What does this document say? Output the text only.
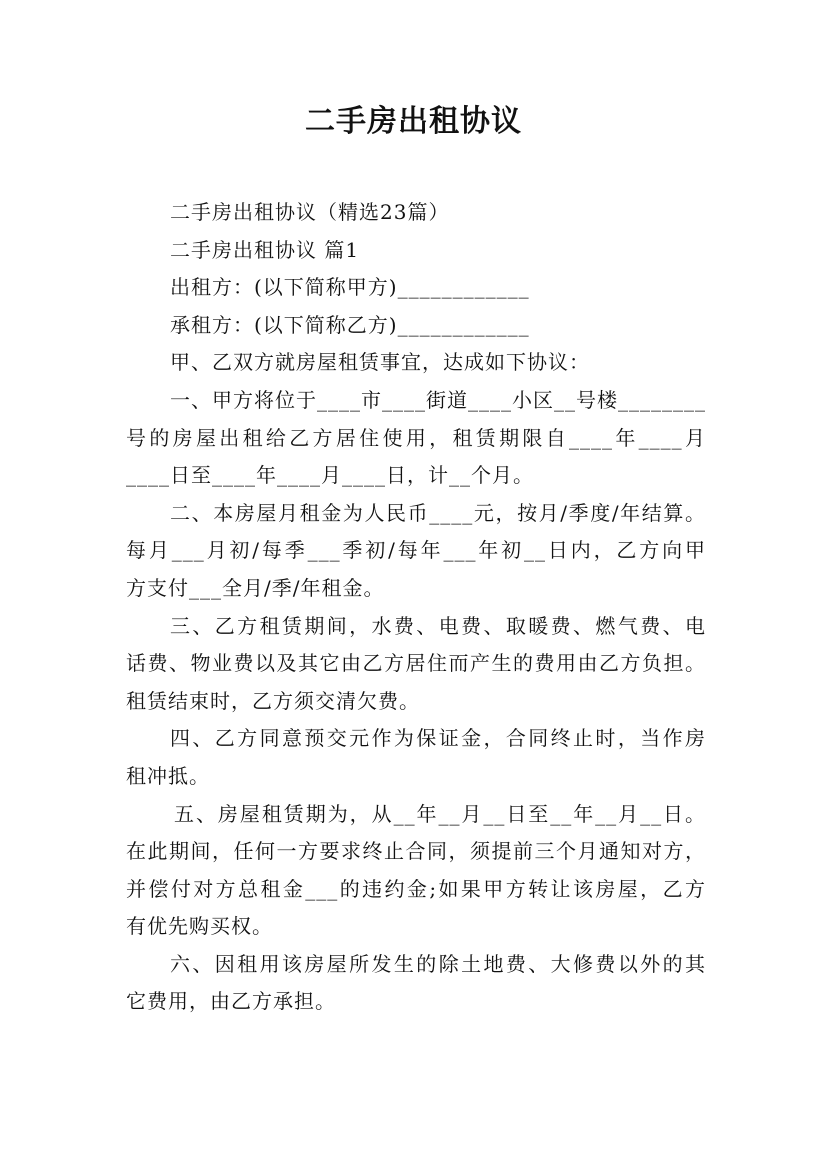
二手房出租协议
二手房出租协议（精选23篇）
二手房出租协议 篇1
出租方：(以下简称甲方)____________
承租方：(以下简称乙方)____________
甲、乙双方就房屋租赁事宜，达成如下协议：
一、甲方将位于____市____街道____小区__号楼________
号的房屋出租给乙方居住使用，租赁期限自____年____月
____日至____年____月____日，计__个月。
二、本房屋月租金为人民币____元，按月/季度/年结算。
每月___月初/每季___季初/每年___年初__日内，乙方向甲
方支付___全月/季/年租金。
三、乙方租赁期间，水费、电费、取暖费、燃气费、电
话费、物业费以及其它由乙方居住而产生的费用由乙方负担。
租赁结束时，乙方须交清欠费。
四、乙方同意预交元作为保证金，合同终止时，当作房
租冲抵。
五、房屋租赁期为，从__年__月__日至__年__月__日。
在此期间，任何一方要求终止合同，须提前三个月通知对方，
并偿付对方总租金___的违约金;如果甲方转让该房屋，乙方
有优先购买权。
六、因租用该房屋所发生的除土地费、大修费以外的其
它费用，由乙方承担。
